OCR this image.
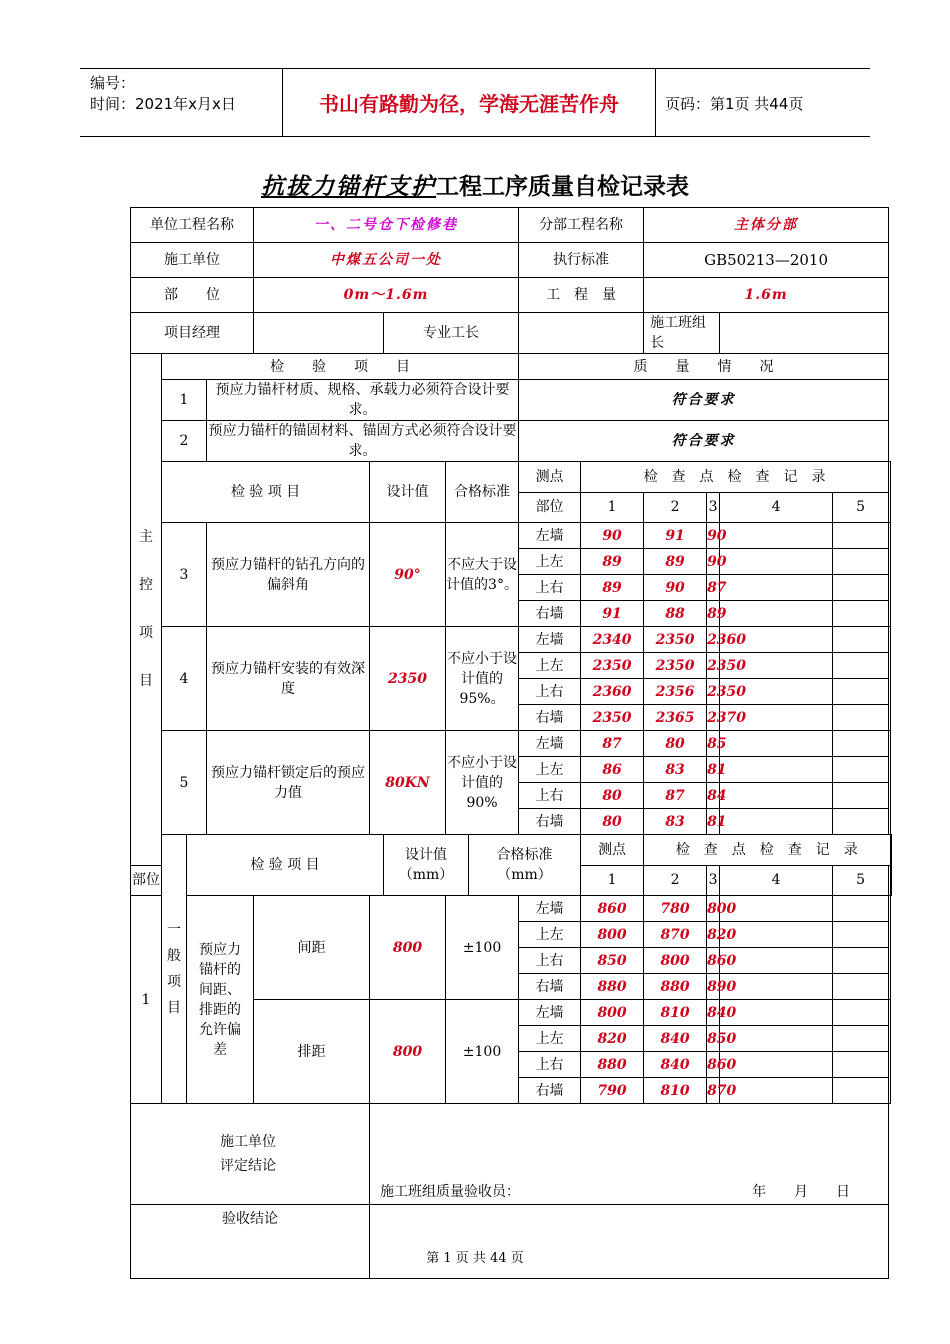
编号：
时间：2021年x月x日	书山有路勤为径，学海无涯苦作舟	页码：第1页 共44页
抗拔力锚杆支护工程工序质量自检记录表
单位工程名称				一、二号仓下检修巷					分部工程名称		主体分部					
施工单位				中煤五公司一处					执行标准		GB50213—2010					
部　　位				0m～1.6m					工　程　量		1.6m					
项目经理						专业工长					施工班组长					

主
控
项
目	检　　验　　项　　目								质　　量　　情　　况							
	1		预应力锚杆材质、规格、承载力必须符合设计要求。						符合要求							
	2		预应力锚杆的锚固材料、锚固方式必须符合设计要求。						符合要求							
	检 验 项 目				设计值		合格标准		测点	检　查　点　检　查　记　录	
									部位	1	2	3	4	5		
	3		预应力锚杆的钻孔方向的偏斜角		90°		不应大于设计值的3°。		左墙	90	91	90			
									上左	89	89	90				
									上右	89	90	87				
									右墙	91	88	89				
	4		预应力锚杆安装的有效深度		2350		不应小于设计值的95%。		左墙	2340	2350	2360			
									上左	2350	2350	2350				
									上右	2360	2356	2350				
									右墙	2350	2365	2370				
	5		预应力锚杆锁定后的预应力值		80KN		不应小于设计值的90%		左墙	87	80	85			
									上左	86	83	81				
									上右	80	87	84				
									右墙	80	83	81				

	一
般
项
目	检 验 项 目				设计值（mm）		合格标准（mm）		测点	检　查　点　检　查　记　录	
部位										1	2	3	4	5		
1		预应力锚杆的间距、排距的允许偏差		间距	800		±100		左墙	860	780	800			
									上左	800	870	820				
									上右	850	800	860				
									右墙	880	880	890				
				排距	800		±100		左墙	800	810	840			
									上左	820	840	850				
									上右	880	840	860				
									右墙	790	810	870				

施工单位评定结论					施工班组质量验收员： 年　　月　　日											

验收结论																
第 1 页 共 44 页
